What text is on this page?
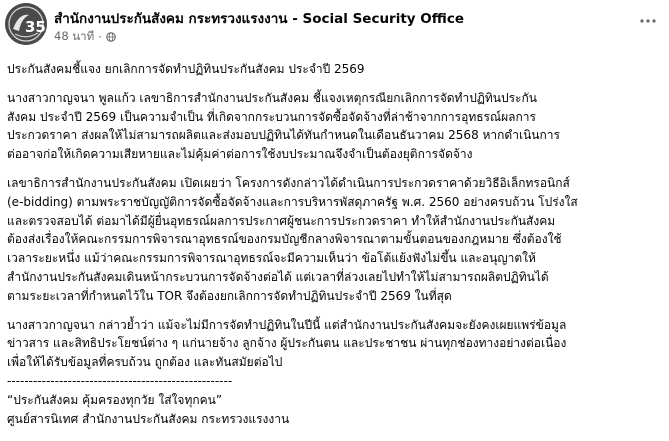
35 สำนักงานประกันสังคม กระทรวงแรงงาน - Social Security Office
48 นาที ·
ประกันสังคมชี้แจง ยกเลิกการจัดทำปฏิทินประกันสังคม ประจำปี 2569
นางสาวกาญจนา พูลแก้ว เลขาธิการสำนักงานประกันสังคม ชี้แจงเหตุกรณียกเลิกการจัดทำปฏิทินประกัน
สังคม ประจำปี 2569 เป็นความจำเป็น ที่เกิดจากกระบวนการจัดซื้อจัดจ้างที่ล่าช้าจากการอุทธรณ์ผลการ
ประกวดราคา ส่งผลให้ไม่สามารถผลิตและส่งมอบปฏิทินได้ทันกำหนดในเดือนธันวาคม 2568 หากดำเนินการ
ต่ออาจก่อให้เกิดความเสียหายและไม่คุ้มค่าต่อการใช้งบประมาณจึงจำเป็นต้องยุติการจัดจ้าง
เลขาธิการสำนักงานประกันสังคม เปิดเผยว่า โครงการดังกล่าวได้ดำเนินการประกวดราคาด้วยวิธีอิเล็กทรอนิกส์
(e-bidding) ตามพระราชบัญญัติการจัดซื้อจัดจ้างและการบริหารพัสดุภาครัฐ พ.ศ. 2560 อย่างครบถ้วน โปร่งใส
และตรวจสอบได้ ต่อมาได้มีผู้ยื่นอุทธรณ์ผลการประกาศผู้ชนะการประกวดราคา ทำให้สำนักงานประกันสังคม
ต้องส่งเรื่องให้คณะกรรมการพิจารณาอุทธรณ์ของกรมบัญชีกลางพิจารณาตามขั้นตอนของกฎหมาย ซึ่งต้องใช้
เวลาระยะหนึ่ง แม้ว่าคณะกรรมการพิจารณาอุทธรณ์จะมีความเห็นว่า ข้อโต้แย้งฟังไม่ขึ้น และอนุญาตให้
สำนักงานประกันสังคมเดินหน้ากระบวนการจัดจ้างต่อได้ แต่เวลาที่ล่วงเลยไปทำให้ไม่สามารถผลิตปฏิทินได้
ตามระยะเวลาที่กำหนดไว้ใน TOR จึงต้องยกเลิกการจัดทำปฏิทินประจำปี 2569 ในที่สุด
นางสาวกาญจนา กล่าวย้ำว่า แม้จะไม่มีการจัดทำปฏิทินในปีนี้ แต่สำนักงานประกันสังคมจะยังคงเผยแพร่ข้อมูล
ข่าวสาร และสิทธิประโยชน์ต่าง ๆ แก่นายจ้าง ลูกจ้าง ผู้ประกันตน และประชาชน ผ่านทุกช่องทางอย่างต่อเนื่อง
เพื่อให้ได้รับข้อมูลที่ครบถ้วน ถูกต้อง และทันสมัยต่อไป
----------------------------------------------------
“ประกันสังคม คุ้มครองทุกวัย ใส่ใจทุกคน”
ศูนย์สารนิเทศ สำนักงานประกันสังคม กระทรวงแรงงาน
